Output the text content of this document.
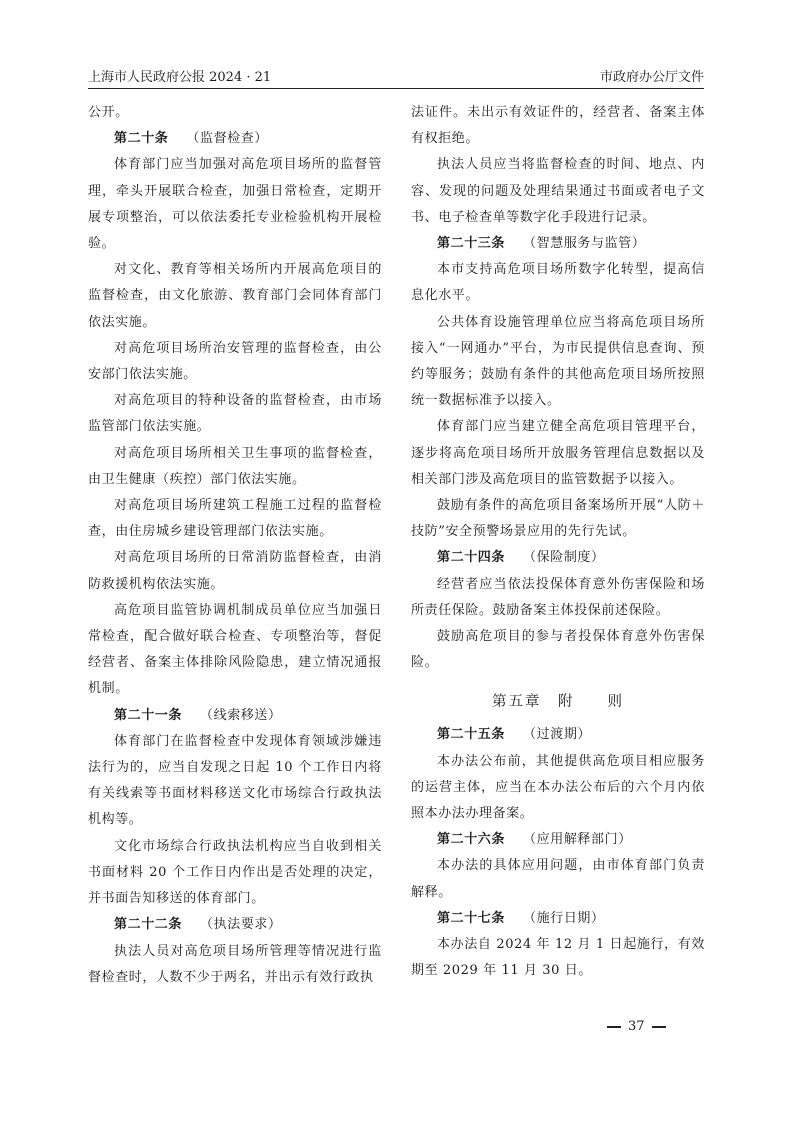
上海市人民政府公报 2024 · 21	市政府办公厅文件

公开。

第二十条 （监督检查）

体育部门应当加强对高危项目场所的监督管理，牵头开展联合检查，加强日常检查，定期开展专项整治，可以依法委托专业检验机构开展检验。

对文化、教育等相关场所内开展高危项目的监督检查，由文化旅游、教育部门会同体育部门依法实施。

对高危项目场所治安管理的监督检查，由公安部门依法实施。

对高危项目的特种设备的监督检查，由市场监管部门依法实施。

对高危项目场所相关卫生事项的监督检查，由卫生健康（疾控）部门依法实施。

对高危项目场所建筑工程施工过程的监督检查，由住房城乡建设管理部门依法实施。

对高危项目场所的日常消防监督检查，由消防救援机构依法实施。

高危项目监管协调机制成员单位应当加强日常检查，配合做好联合检查、专项整治等，督促经营者、备案主体排除风险隐患，建立情况通报机制。

第二十一条 （线索移送）

体育部门在监督检查中发现体育领域涉嫌违法行为的，应当自发现之日起 10 个工作日内将有关线索等书面材料移送文化市场综合行政执法机构等。

文化市场综合行政执法机构应当自收到相关书面材料 20 个工作日内作出是否处理的决定，并书面告知移送的体育部门。

第二十二条 （执法要求）

执法人员对高危项目场所管理等情况进行监督检查时，人数不少于两名，并出示有效行政执

法证件。未出示有效证件的，经营者、备案主体有权拒绝。

执法人员应当将监督检查的时间、地点、内容、发现的问题及处理结果通过书面或者电子文书、电子检查单等数字化手段进行记录。

第二十三条 （智慧服务与监管）

本市支持高危项目场所数字化转型，提高信息化水平。

公共体育设施管理单位应当将高危项目场所接入“一网通办”平台，为市民提供信息查询、预约等服务；鼓励有条件的其他高危项目场所按照统一数据标准予以接入。

体育部门应当建立健全高危项目管理平台，逐步将高危项目场所开放服务管理信息数据以及相关部门涉及高危项目的监管数据予以接入。

鼓励有条件的高危项目备案场所开展“人防＋技防”安全预警场景应用的先行先试。

第二十四条 （保险制度）

经营者应当依法投保体育意外伤害保险和场所责任保险。鼓励备案主体投保前述保险。

鼓励高危项目的参与者投保体育意外伤害保险。

第五章　附　　则

第二十五条 （过渡期）

本办法公布前，其他提供高危项目相应服务的运营主体，应当在本办法公布后的六个月内依照本办法办理备案。

第二十六条 （应用解释部门）

本办法的具体应用问题，由市体育部门负责解释。

第二十七条 （施行日期）

本办法自 2024 年 12 月 1 日起施行，有效期至 2029 年 11 月 30 日。

37
